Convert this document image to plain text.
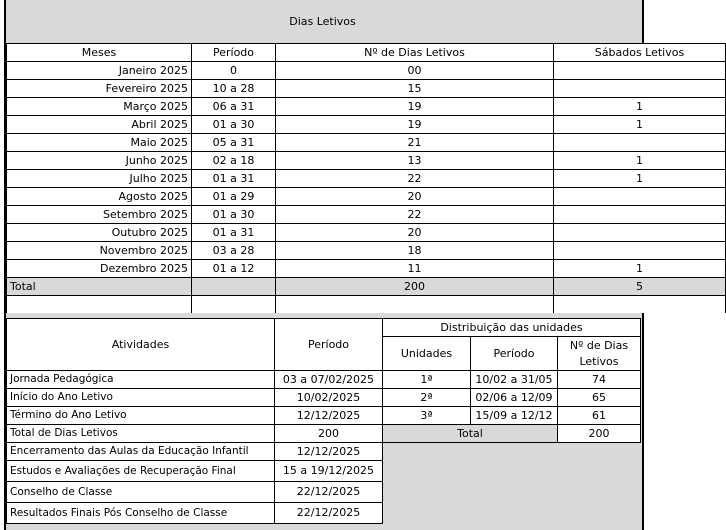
Dias Letivos
Meses	Período	Nº de Dias Letivos	Sábados Letivos
Janeiro 2025	0	00	
Fevereiro 2025	10 a 28	15	
Março 2025	06 a 31	19	1
Abril 2025	01 a 30	19	1
Maio 2025	05 a 31	21	
Junho 2025	02 a 18	13	1
Julho 2025	01 a 31	22	1
Agosto 2025	01 a 29	20	
Setembro 2025	01 a 30	22	
Outubro 2025	01 a 31	20	
Novembro 2025	03 a 28	18	
Dezembro 2025	01 a 12	11	1
Total		200	5

Atividades	Período
Jornada Pedagógica	03 a 07/02/2025
Início do Ano Letivo	10/02/2025
Término do Ano Letivo	12/12/2025
Total de Dias Letivos	200
Encerramento das Aulas da Educação Infantil	12/12/2025
Estudos e Avaliações de Recuperação Final	15 a 19/12/2025
Conselho de Classe	22/12/2025
Resultados Finais Pós Conselho de Classe	22/12/2025
Distribuição das unidades		
Unidades	Período	Nº de Dias
Letivos
1ª	10/02 a 31/05	74
2ª	02/06 a 12/09	65
3ª	15/09 a 12/12	61
Total		200
